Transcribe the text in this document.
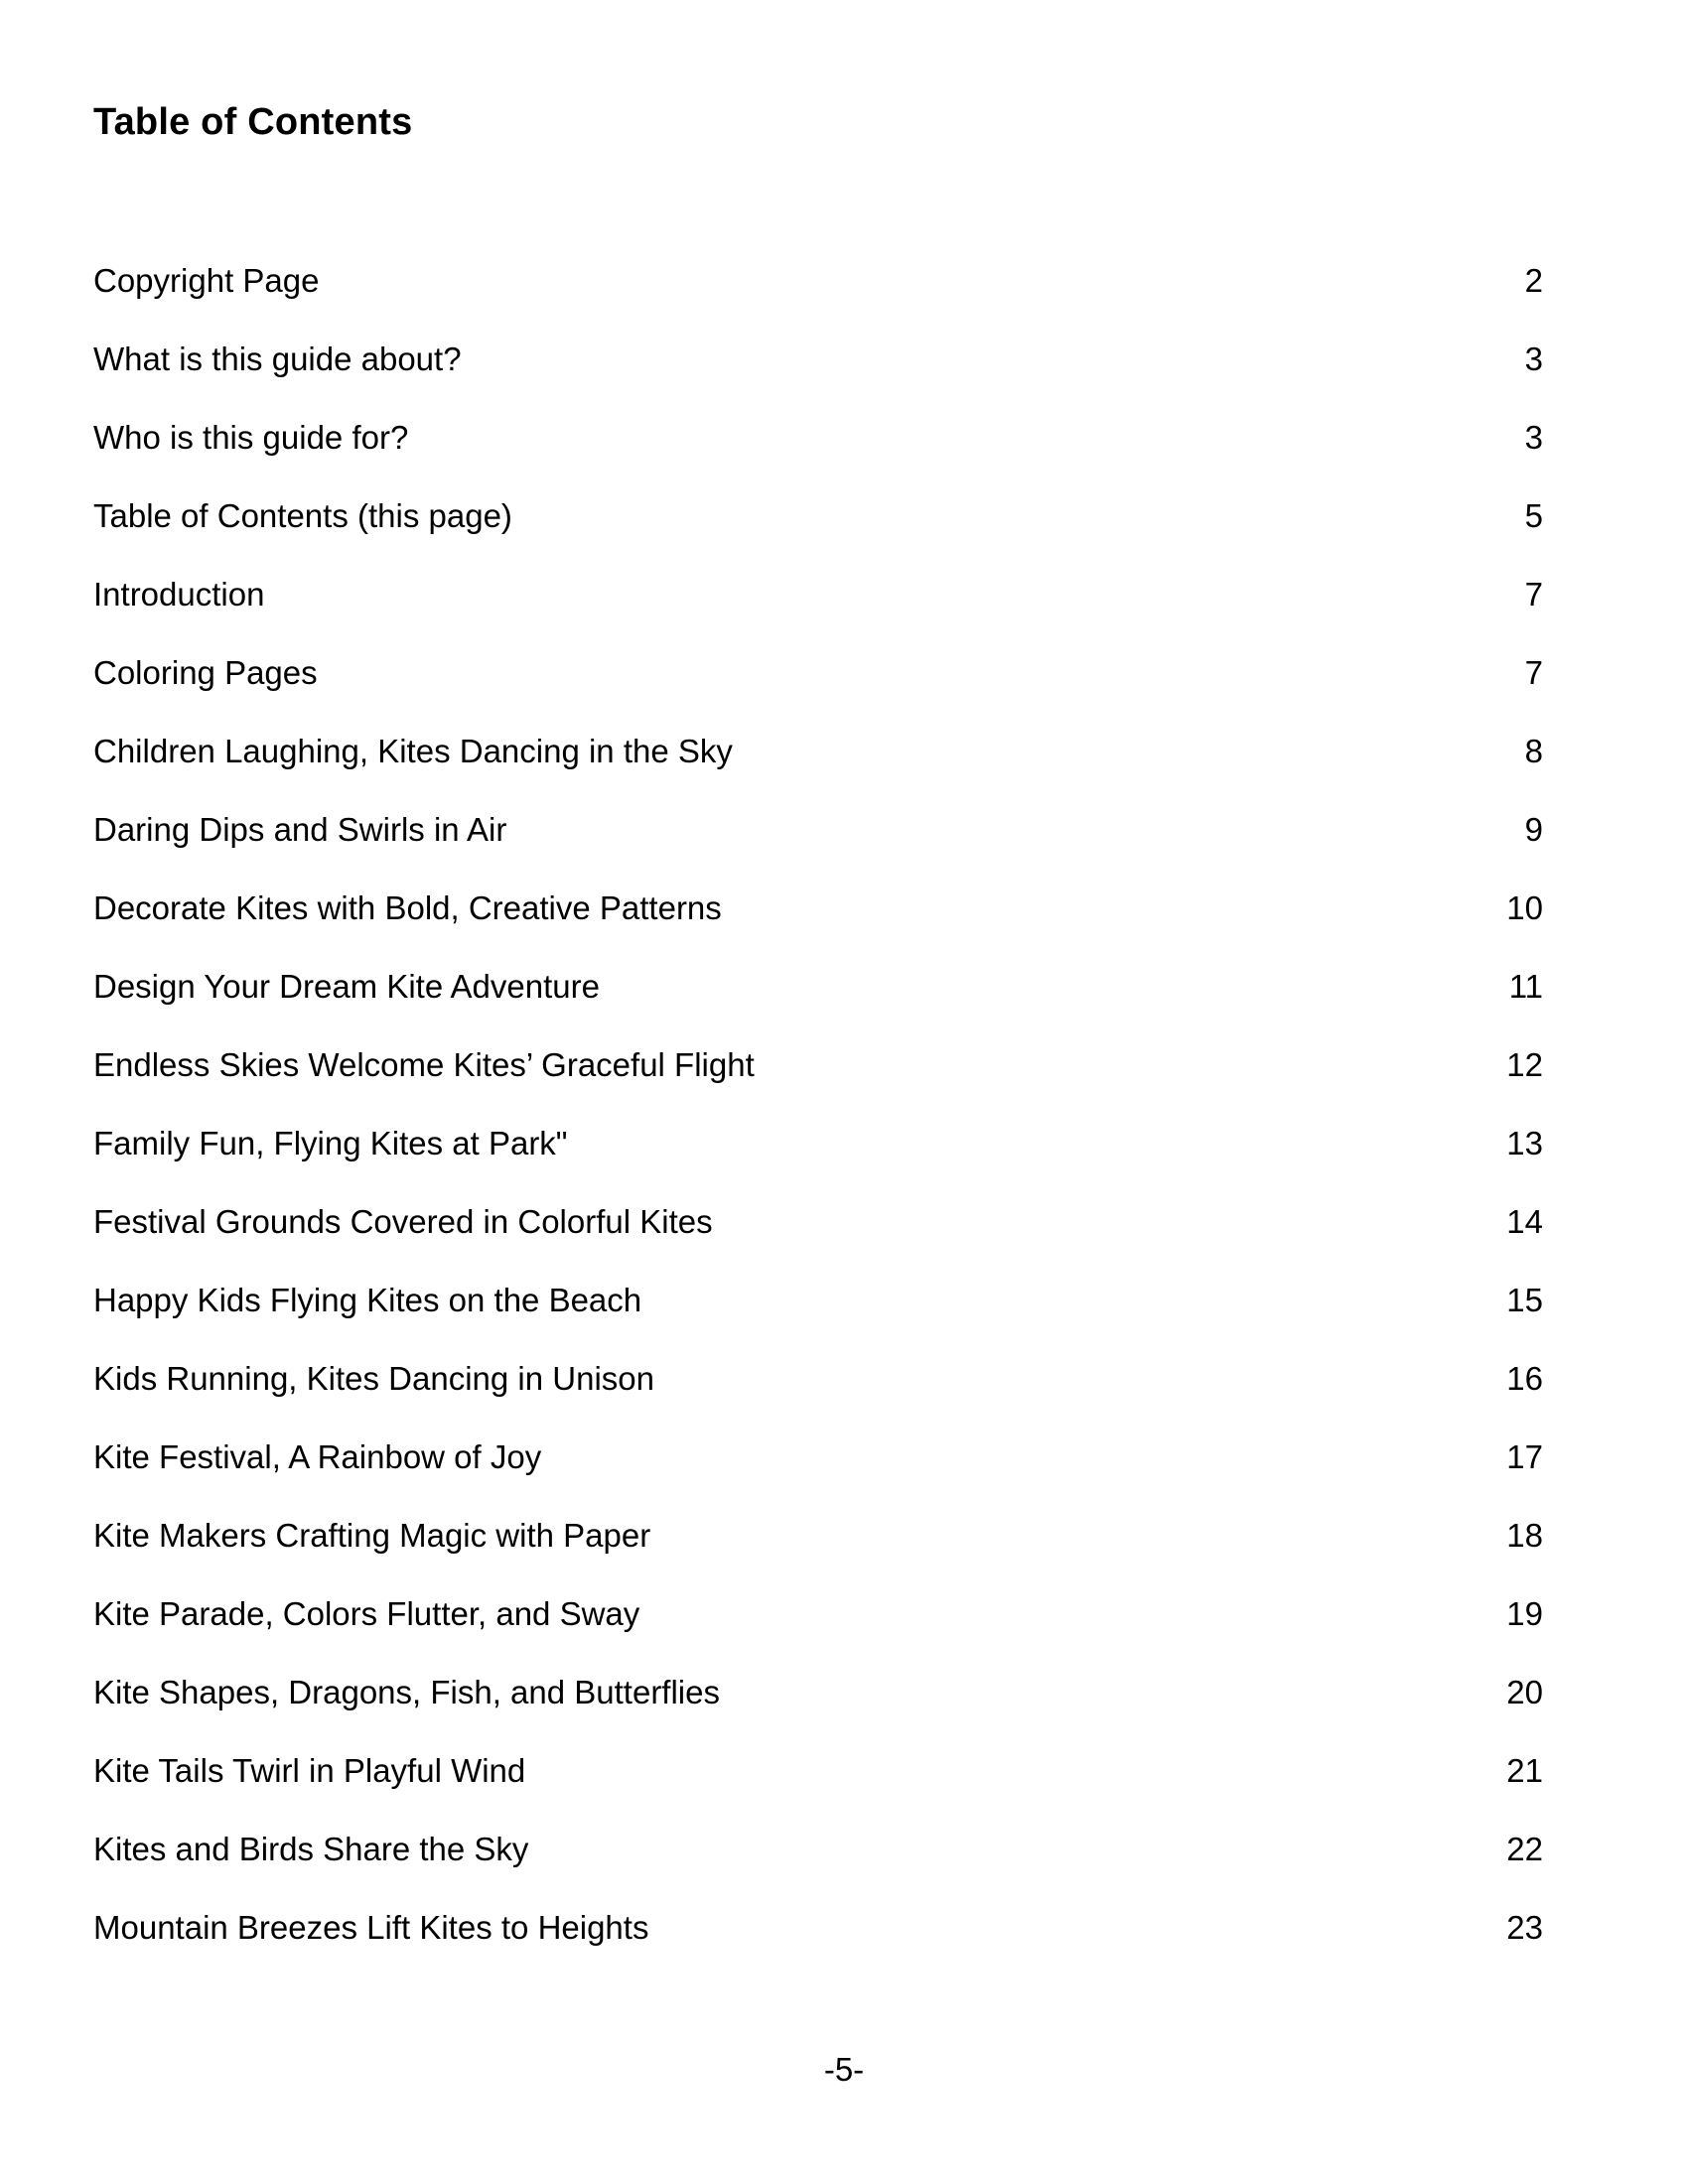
Table of Contents
Copyright Page	2
What is this guide about?	3
Who is this guide for?	3
Table of Contents (this page)	5
Introduction	7
Coloring Pages	7
Children Laughing, Kites Dancing in the Sky	8
Daring Dips and Swirls in Air	9
Decorate Kites with Bold, Creative Patterns	10
Design Your Dream Kite Adventure	11
Endless Skies Welcome Kites’ Graceful Flight	12
Family Fun, Flying Kites at Park"	13
Festival Grounds Covered in Colorful Kites	14
Happy Kids Flying Kites on the Beach	15
Kids Running, Kites Dancing in Unison	16
Kite Festival, A Rainbow of Joy	17
Kite Makers Crafting Magic with Paper	18
Kite Parade, Colors Flutter, and Sway	19
Kite Shapes, Dragons, Fish, and Butterflies	20
Kite Tails Twirl in Playful Wind	21
Kites and Birds Share the Sky	22
Mountain Breezes Lift Kites to Heights	23
-5-
